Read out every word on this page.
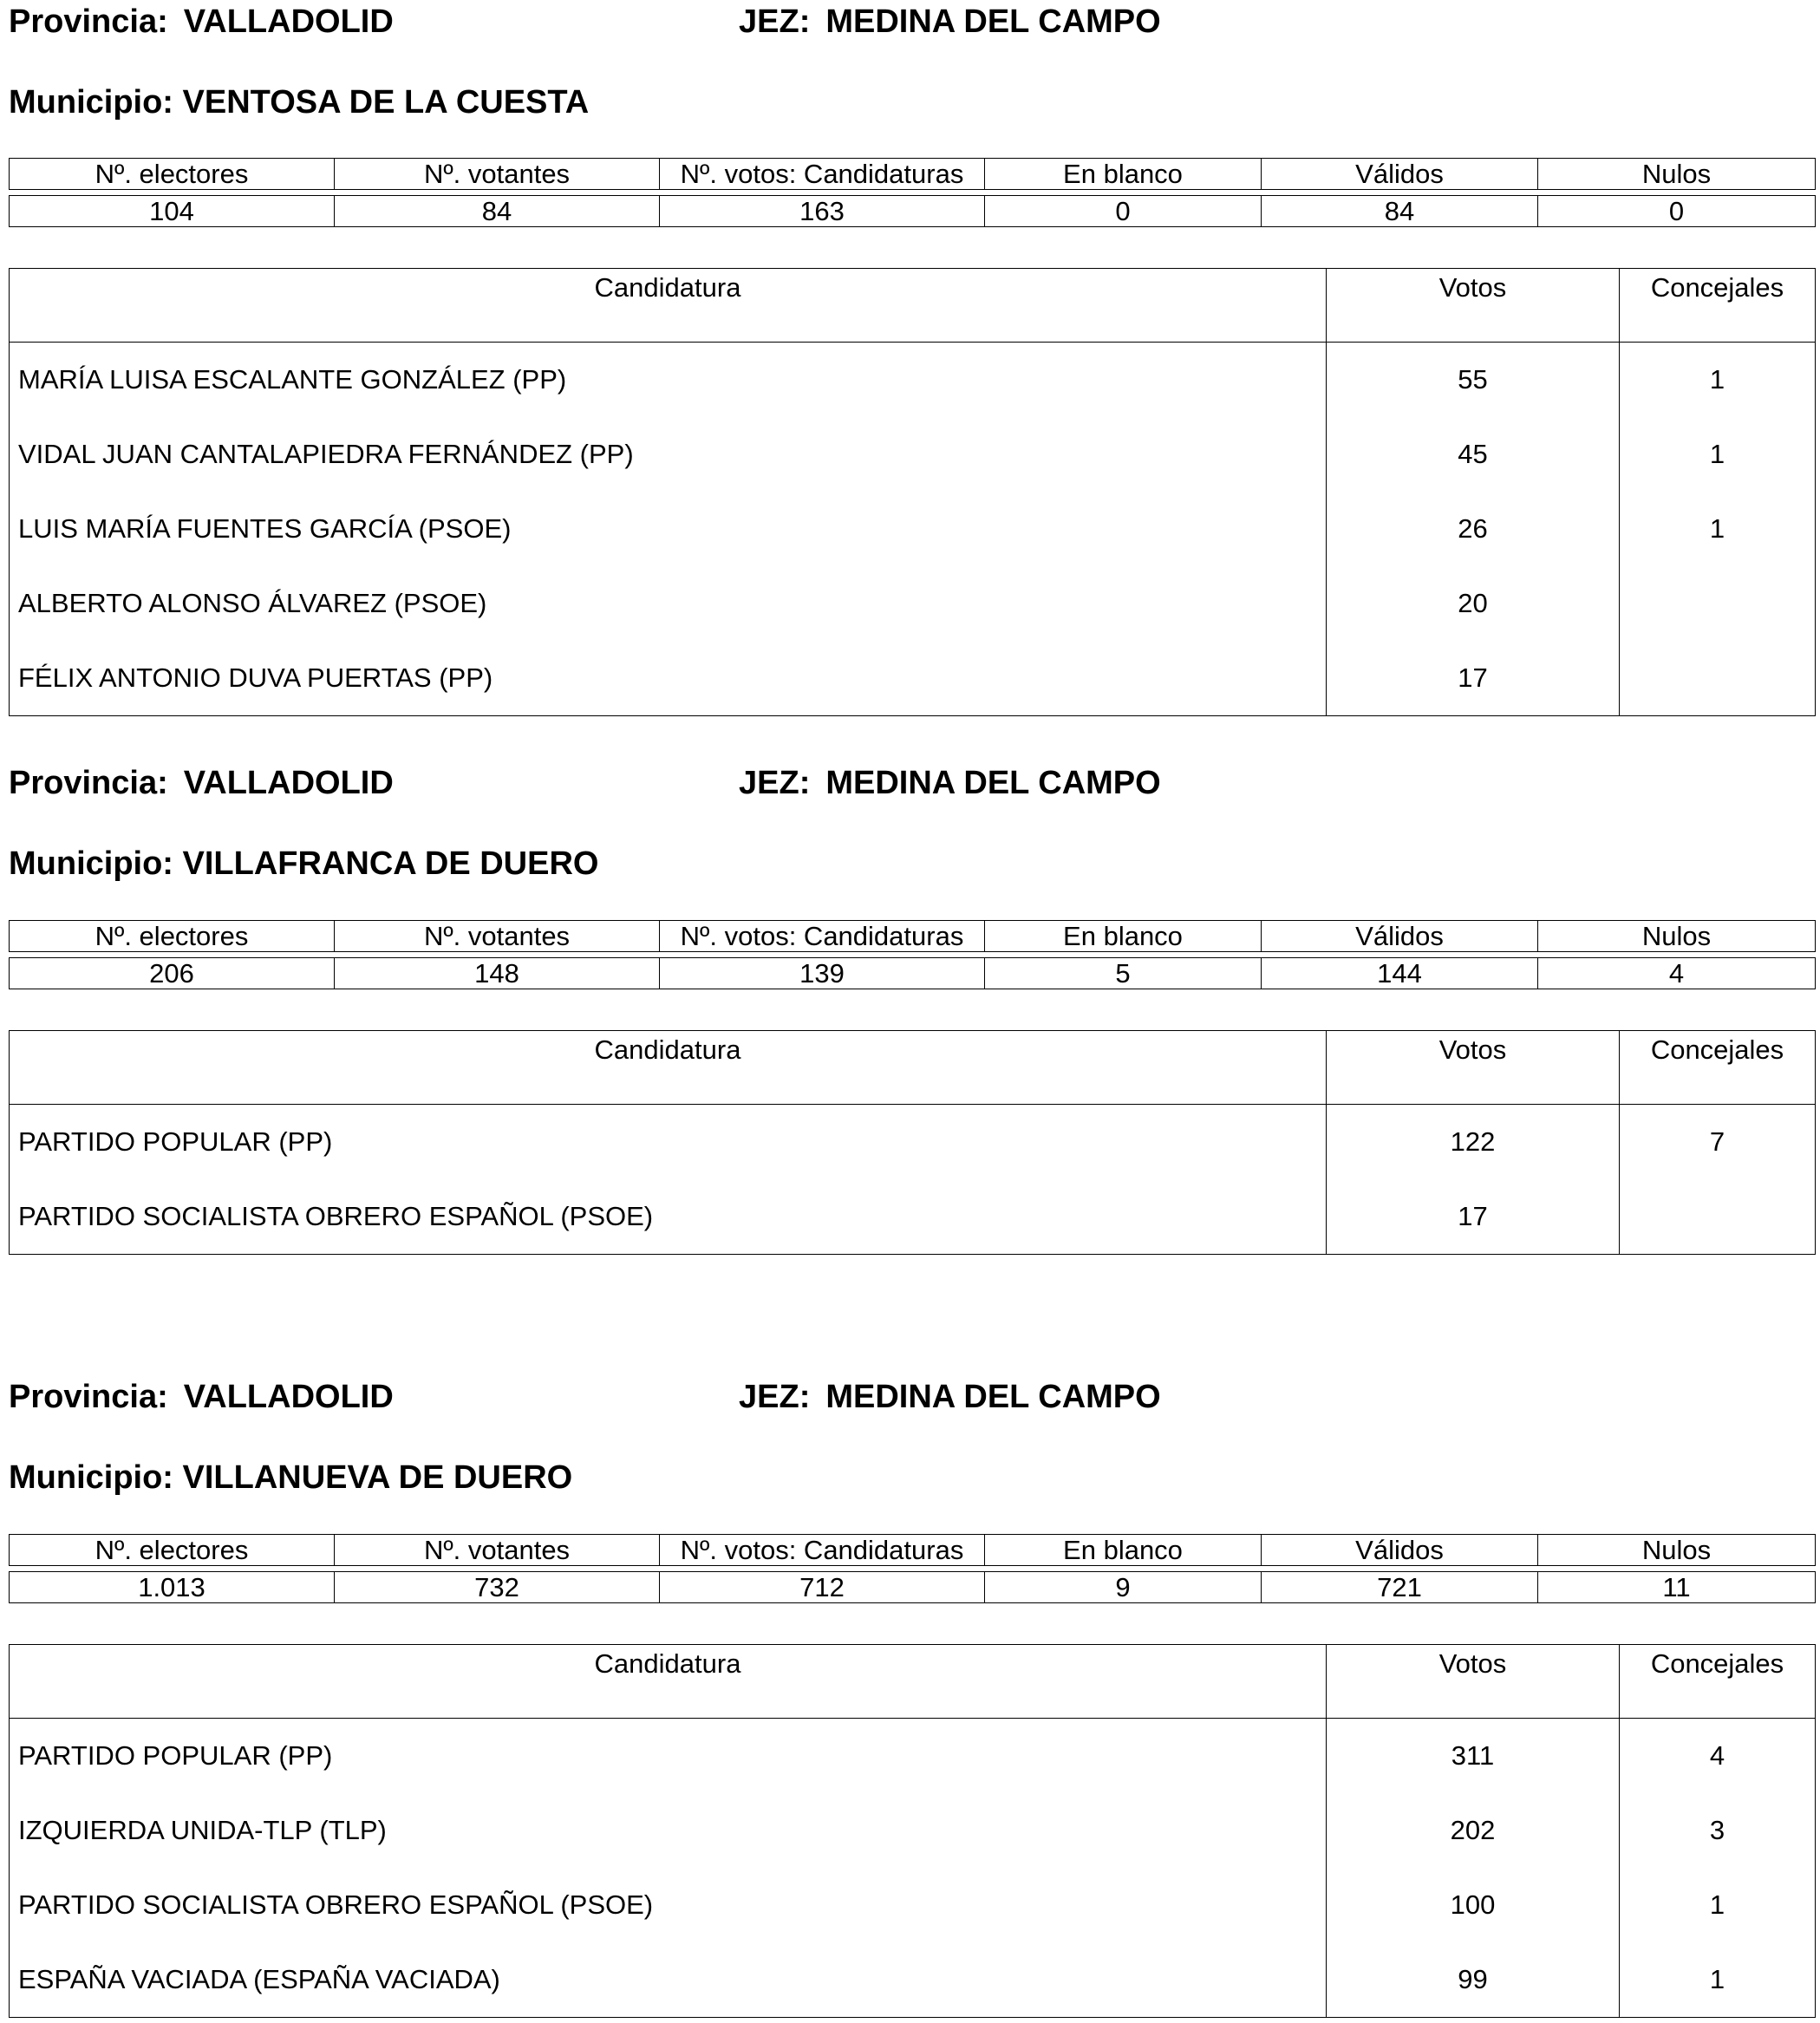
Provincia: VALLADOLID	JEZ: MEDINA DEL CAMPO
Municipio: VENTOSA DE LA CUESTA
Nº. electores	Nº. votantes	Nº. votos: Candidaturas	En blanco	Válidos	Nulos

104	84	163	0	84	0
Candidatura	Votos	Concejales
MARÍA LUISA ESCALANTE GONZÁLEZ (PP)	55	1
VIDAL JUAN CANTALAPIEDRA FERNÁNDEZ (PP)	45	1
LUIS MARÍA FUENTES GARCÍA (PSOE)	26	1
ALBERTO ALONSO ÁLVAREZ (PSOE)	20	
FÉLIX ANTONIO DUVA PUERTAS (PP)	17	
Provincia: VALLADOLID	JEZ: MEDINA DEL CAMPO
Municipio: VILLAFRANCA DE DUERO
Nº. electores	Nº. votantes	Nº. votos: Candidaturas	En blanco	Válidos	Nulos

206	148	139	5	144	4
Candidatura	Votos	Concejales
PARTIDO POPULAR (PP)	122	7
PARTIDO SOCIALISTA OBRERO ESPAÑOL (PSOE)	17	
Provincia: VALLADOLID	JEZ: MEDINA DEL CAMPO
Municipio: VILLANUEVA DE DUERO
Nº. electores	Nº. votantes	Nº. votos: Candidaturas	En blanco	Válidos	Nulos

1.013	732	712	9	721	11
Candidatura	Votos	Concejales
PARTIDO POPULAR (PP)	311	4
IZQUIERDA UNIDA-TLP (TLP)	202	3
PARTIDO SOCIALISTA OBRERO ESPAÑOL (PSOE)	100	1
ESPAÑA VACIADA (ESPAÑA VACIADA)	99	1
